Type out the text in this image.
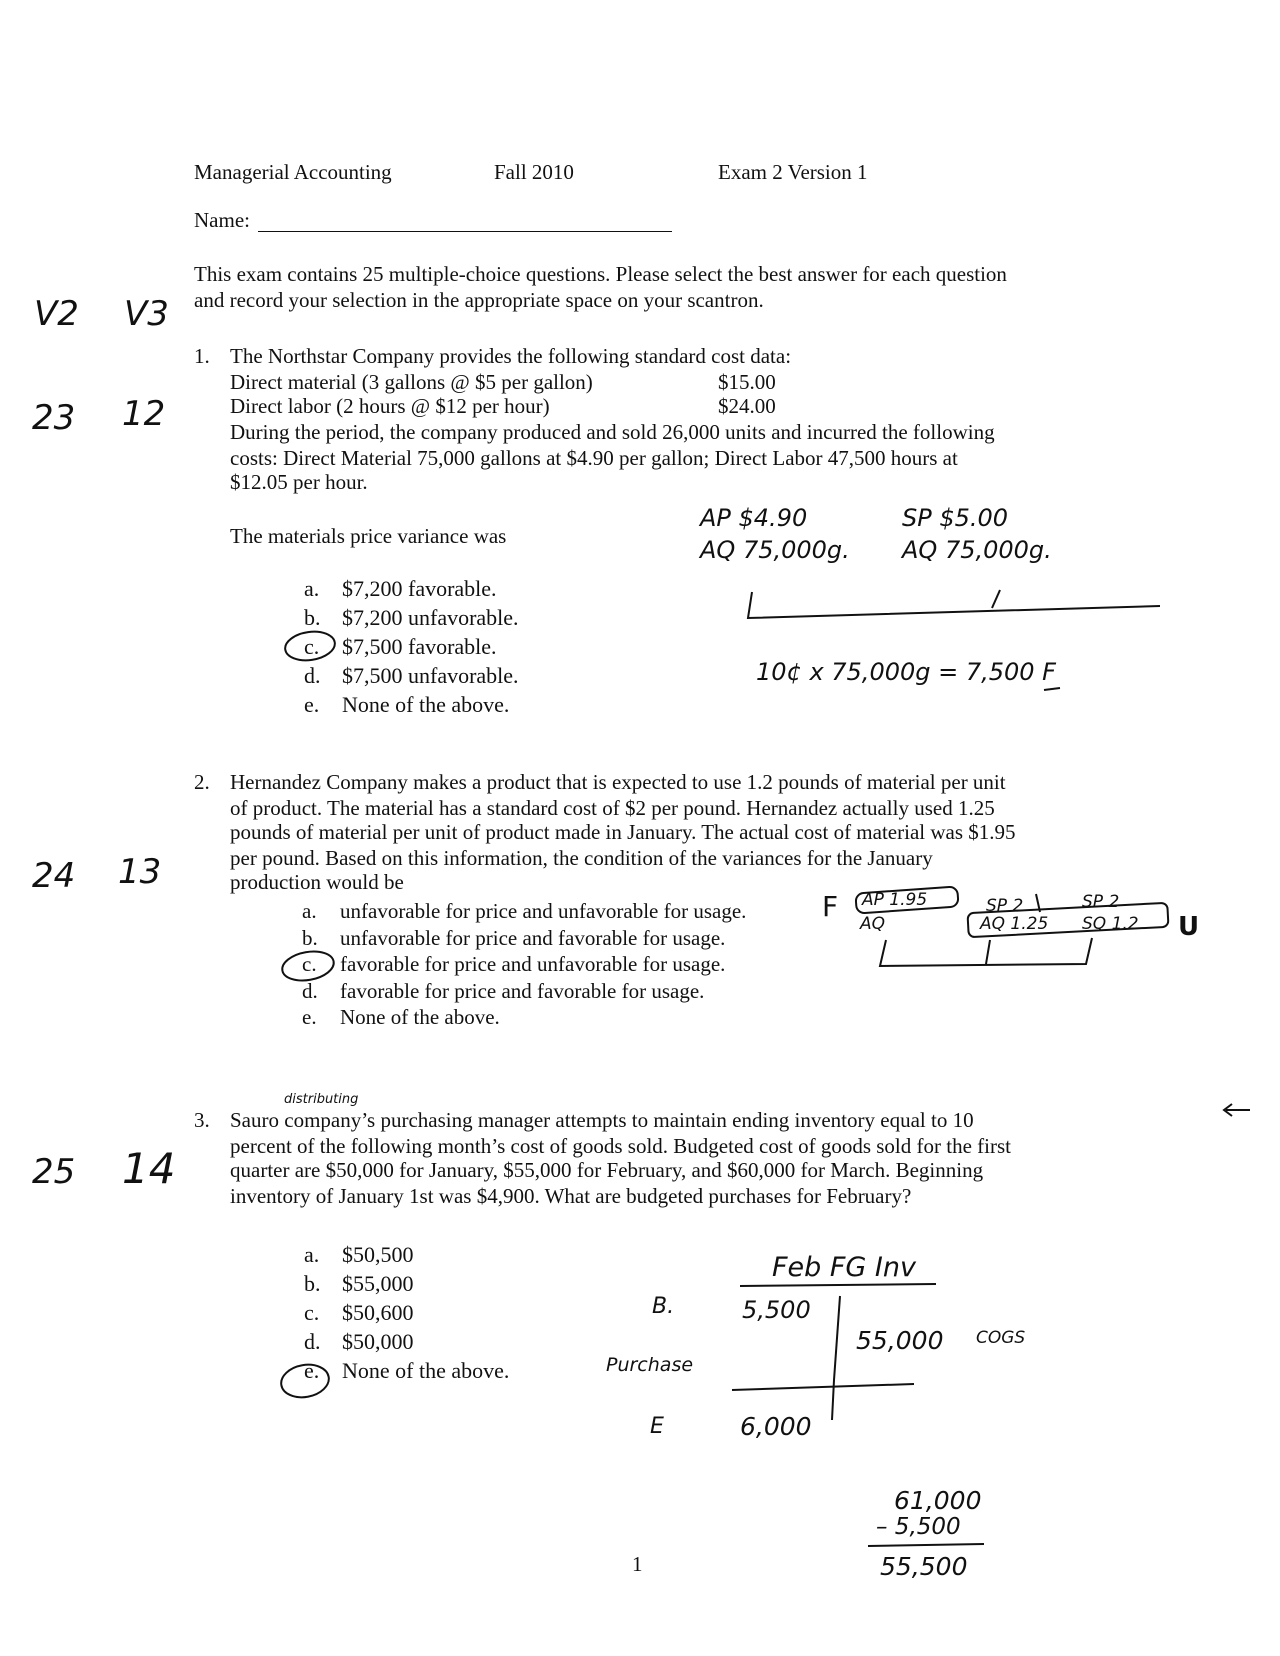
Managerial Accounting	Fall 2010	Exam 2 Version 1
Name:
This exam contains 25 multiple-choice questions. Please select the best answer for each question
and record your selection in the appropriate space on your scantron.
V2 V3
23 12
24 13
25 14
1. The Northstar Company provides the following standard cost data:
Direct material (3 gallons @ $5 per gallon)	$15.00
Direct labor (2 hours @ $12 per hour)	$24.00
During the period, the company produced and sold 26,000 units and incurred the following
costs: Direct Material 75,000 gallons at $4.90 per gallon; Direct Labor 47,500 hours at
$12.05 per hour.
The materials price variance was
a. $7,200 favorable.
b. $7,200 unfavorable.
c. $7,500 favorable.
d. $7,500 unfavorable.
e. None of the above.
AP $4.90
AQ 75,000g.
SP $5.00
AQ 75,000g.
10¢ x 75,000g = 7,500 F
2. Hernandez Company makes a product that is expected to use 1.2 pounds of material per unit
of product. The material has a standard cost of $2 per pound. Hernandez actually used 1.25
pounds of material per unit of product made in January. The actual cost of material was $1.95
per pound. Based on this information, the condition of the variances for the January
production would be
a. unfavorable for price and unfavorable for usage.
b. unfavorable for price and favorable for usage.
c. favorable for price and unfavorable for usage.
d. favorable for price and favorable for usage.
e. None of the above.
F AP 1.95
AQ
SP 2
AQ 1.25
SP 2
SQ 1.2 U
distributing
3. Sauro company’s purchasing manager attempts to maintain ending inventory equal to 10
percent of the following month’s cost of goods sold. Budgeted cost of goods sold for the first
quarter are $50,000 for January, $55,000 for February, and $60,000 for March. Beginning
inventory of January 1st was $4,900. What are budgeted purchases for February?
a. $50,500
b. $55,000
c. $50,600
d. $50,000
e. None of the above.
Feb FG Inv
B.	5,500
55,000 COGS
Purchase
E	6,000
61,000
– 5,500
55,500
1
